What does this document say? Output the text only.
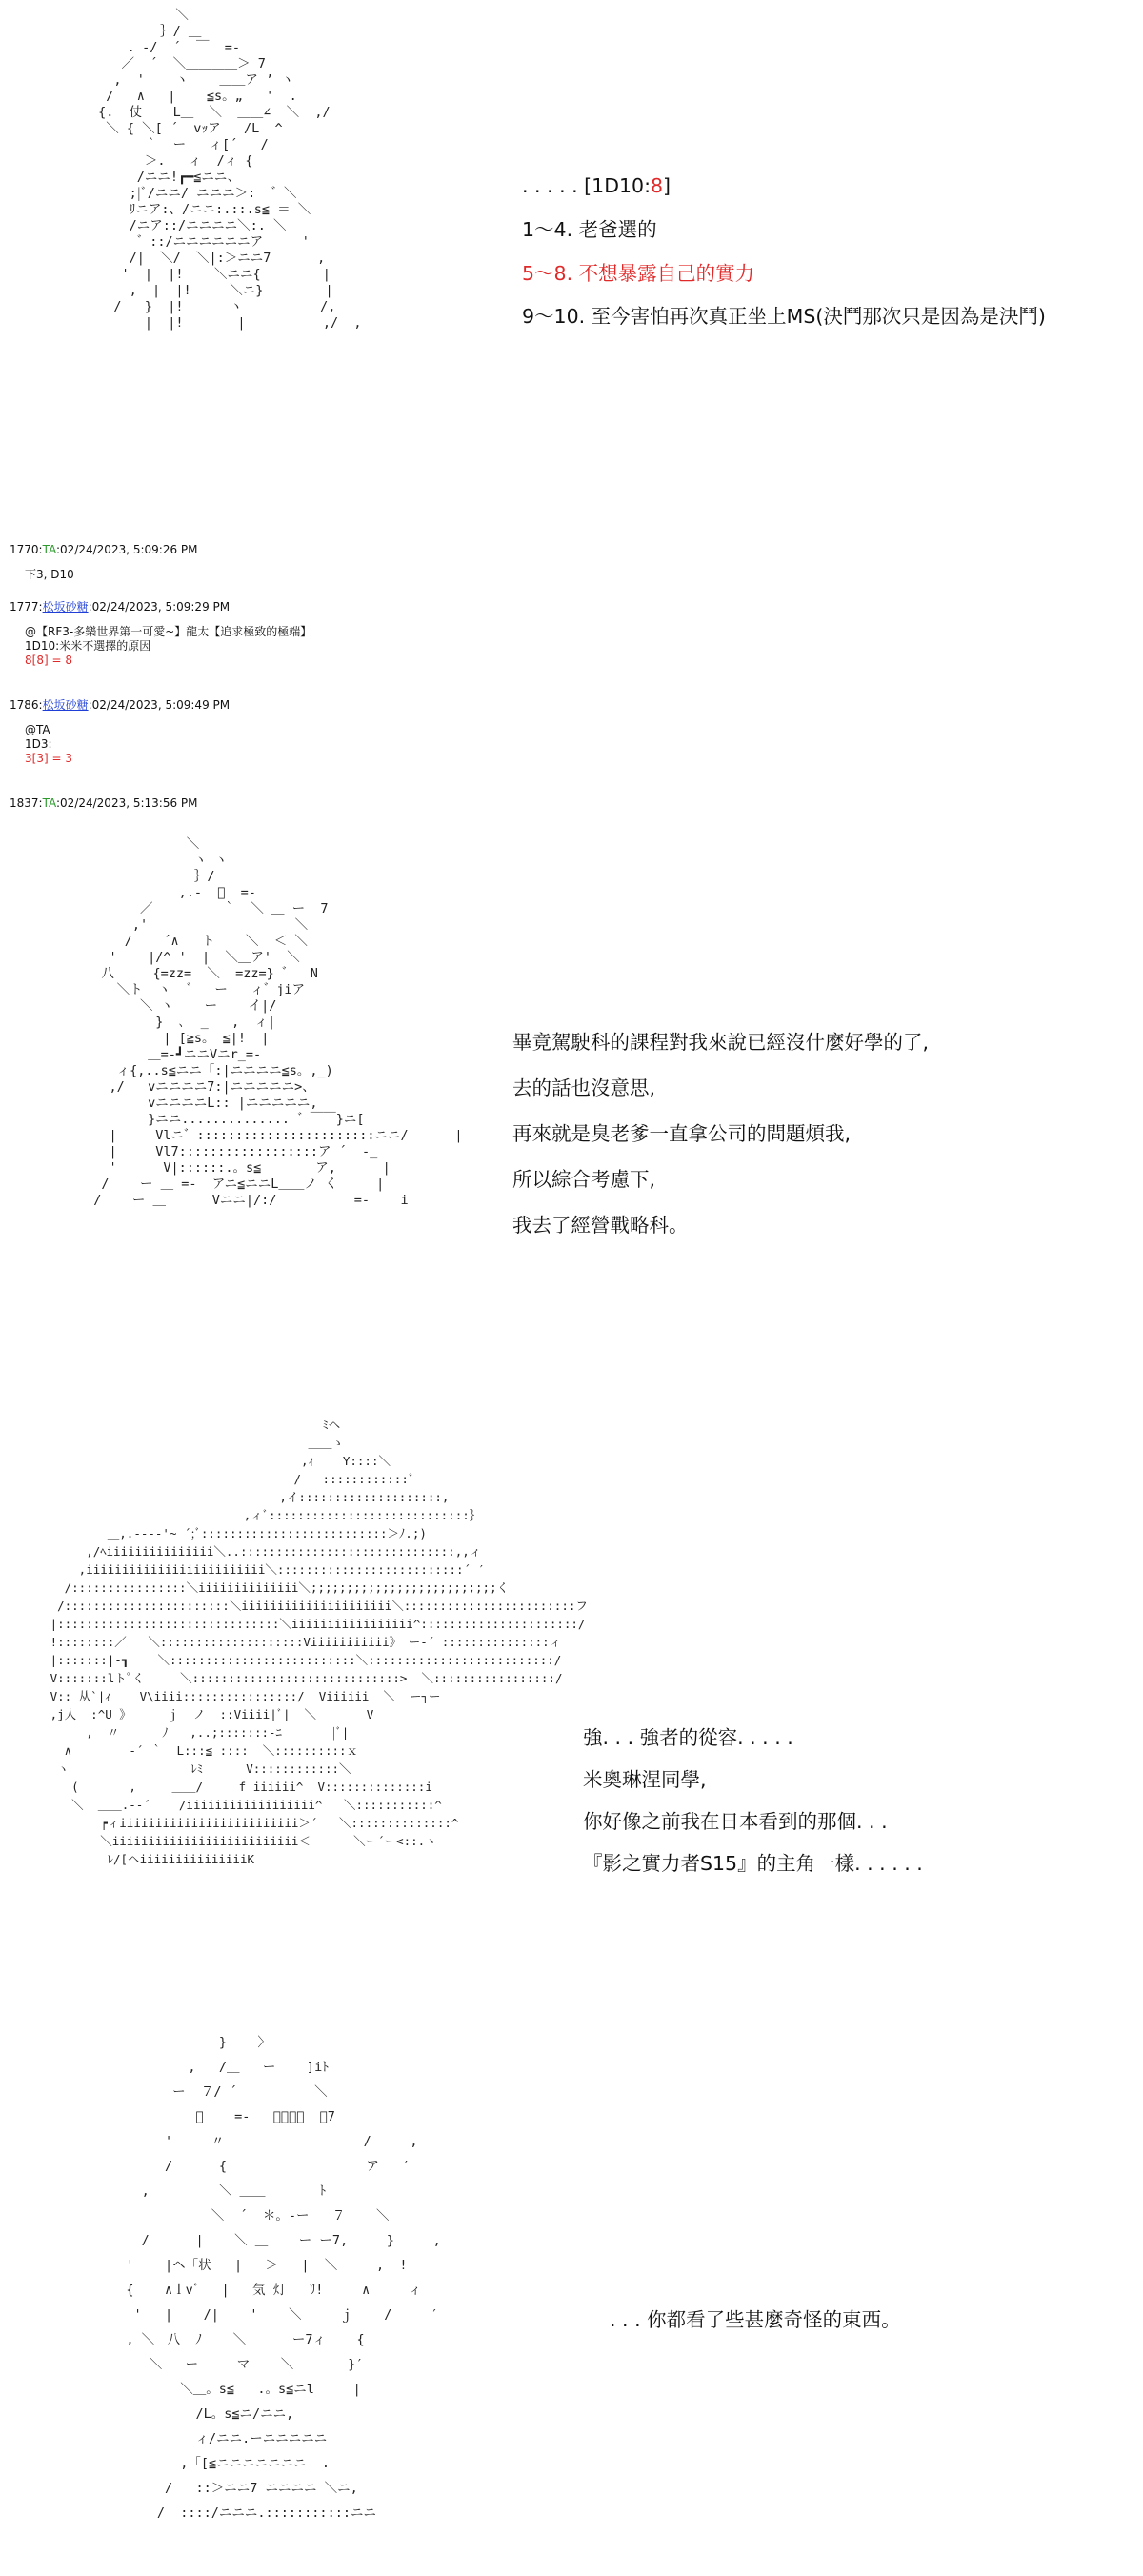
＼
｝/ ＿
．-/  ´  ￣  =-
／  ´  ＼＿＿＿＿＞ 7
,  '    ヽ    ＿＿ア ’ ヽ
/   ∧   |    ≦s。„   '  .
{.  仗    L＿  ＼  ＿＿∠  ＼  ,/
＼ { ＼[ ´  vｯア   /L  ^
｀  ー   ィ[´   /
＞.   ィ  /ィ {
/ニニ!┏━≦ニニ、
;|ﾞ/ニニ/ ニニニ＞:  ゛＼
ﾘニア:、/ニニ:.::.s≦ ＝ ＼
/ニア::/ニニニニ＼:. ＼
゛::/ニニニニニニア     '
/|  ＼/  ＼|:＞ニニ7      ,
'  |  |!    ＼ニニ{        |
,  |  |!     ＼ニ}        |
/   }  |!      ヽ          /,
|  |!       |          ,/  ,
. . . . . [1D10:8]
1～4. 老爸選的
5～8. 不想暴露自己的實力
9～10. 至今害怕再次真正坐上MS(決鬥那次只是因為是決鬥)
1770:TA:02/24/2023, 5:09:26 PM
下3, D10
1777:松坂砂糖:02/24/2023, 5:09:29 PM
@【RF3-多樂世界第一可愛~】龍太【追求極致的極端】
1D10:米米不選擇的原因
8[8] = 8
1786:松坂砂糖:02/24/2023, 5:09:49 PM
@TA
1D3:
3[3] = 3
1837:TA:02/24/2023, 5:13:56 PM
＼
ヽ ヽ
｝/
,.-  ﾞ  =-
／         ｀  ＼ ＿ ー  7
,'                   ＼
/    ´∧   ト    ＼  ＜ ＼
'    |/^ '  |  ＼＿ア'  ＼
八     {=zz=  ＼  =zz=} ゛  N
＼ト  ヽ  ゛  ー   ィ゛jiア
＼ ヽ    ー    イ|/
}  ､  _   ,  ィ|
| [≧s。 ≦|!  |
＿=-┛ニニVニr_=-
ィ{,..s≦ニニ「:|ニニニニ≦s。,_)
,/   vニニニニ7:|ニニニニニ>、
vニニニニL:: |ニニニニニ,
}ニニ.............. ゛￣￣}ニ[
|     Vlニ゛:::::::::::::::::::::::ニニ/      |
|     Vl7::::::::::::::::::ア ´  -_
'      V|::::::.。s≦       ア,      |
/    ー ＿ =-  アニ≦ニニL＿＿ノ く     |
/    ー ＿      Vニニ|/:/          =-    i
畢竟駕駛科的課程對我來說已經沒什麼好學的了,
去的話也沒意思,
再來就是臭老爹一直拿公司的問題煩我,
所以綜合考慮下,
我去了經營戰略科。
ﾐヘ
＿＿ゝ
,ｨ    Y::::＼
/   ::::::::::::ﾞ
,イ::::::::::::::::::::,
,ィﾞ::::::::::::::::::::::::::::｝
＿,.--‐‐'~ ´;ﾞ::::::::::::::::::::::::::＞ﾉ.;)
,/ﾍiiiiiiiiiiiiiii＼..::::::::::::::::::::::::::::::,,ィ
,iiiiiiiiiiiiiiiiiiiiiiiii＼::::::::::::::::::::::::::´ ′
/::::::::::::::::＼iiiiiiiiiiiiii＼;;;;;;;;;;;;;;;;;;;;;;;;;;く
/:::::::::::::::::::::::＼iiiiiiiiiiiiiiiiiiiii＼::::::::::::::::::::::::フ
|:::::::::::::::::::::::::::::::＼iiiiiiiiiiiiiiiii^::::::::::::::::::::::/
!::::::::／   ＼::::::::::::::::::::Viiiiiiiiiii》 ー‐´ :::::::::::::::ィ
|:::::::|-┓    ＼::::::::::::::::::::::::::＼::::::::::::::::::::::::::/
V:::::::lトﾟく     ＼:::::::::::::::::::::::::::::>  ＼:::::::::::::::::/
V:: 从`|ｨ    V\iiii::::::::::::::::/  Viiiiii  ＼  ー┐ー
,j人_ :^U 》     ｊ  ノ  ::Viiii|ﾞ|  ＼       V
,  〃      ﾉ   ,..;:::::::-ﾆ       |ﾞ|
∧        ‐´ ｀  L:::≦ ::::  ＼::::::::::ｘ
ヽ                 ﾚﾐ      V::::::::::::＼
(       ,     ＿＿/     f iiiiii^  V::::::::::::::i
＼  ＿＿.-‐´    /iiiiiiiiiiiiiiiiii^   ＼:::::::::::^
┍ィiiiiiiiiiiiiiiiiiiiiiiiii＞´   ＼::::::::::::::^
＼iiiiiiiiiiiiiiiiiiiiiiiiii＜      ＼ー´ー<::.ヽ
ﾚ/[ヘiiiiiiiiiiiiiiiK
強. . . 強者的從容. . . . .
米奧琳涅同學,
你好像之前我在日本看到的那個. . .
『影之實力者S15』的主角一樣. . . . . .
}    〉
,   /＿   ー    ]iﾄ
ー  ７/ ´          ＼
ﾞ    =-   ＿＿＿＿  ー7
'     〃                  /     ,
/      {                  ア   ′
,         ＼ ＿＿       ﾄ
＼  ´  ＊。‐ー   ７    ＼
/      |    ＼ ＿    ー ー7,     }     ,
'    |ヘ「状   |   ＞   |  ＼     ,  !
{    ∧ｌv゛  |   気 灯   ﾘ!     ∧     ィ
'   |    /|    '    ＼     ｊ    /     ′
, ＼＿八  ﾉ    ＼      ー7ィ    {
＼   ー     マ    ＼       }′
＼＿。s≦   .。s≦ニl     |
/L。s≦ニ/ニニ,
ィ/ニニ.ーニニニニニ
,「[≦ニニニニニニニ  .
/   ::＞ニニ7 ニニニニ ＼ニ,
/  ::::/ニニニ.:::::::::::ニニ
. . . 你都看了些甚麼奇怪的東西。
